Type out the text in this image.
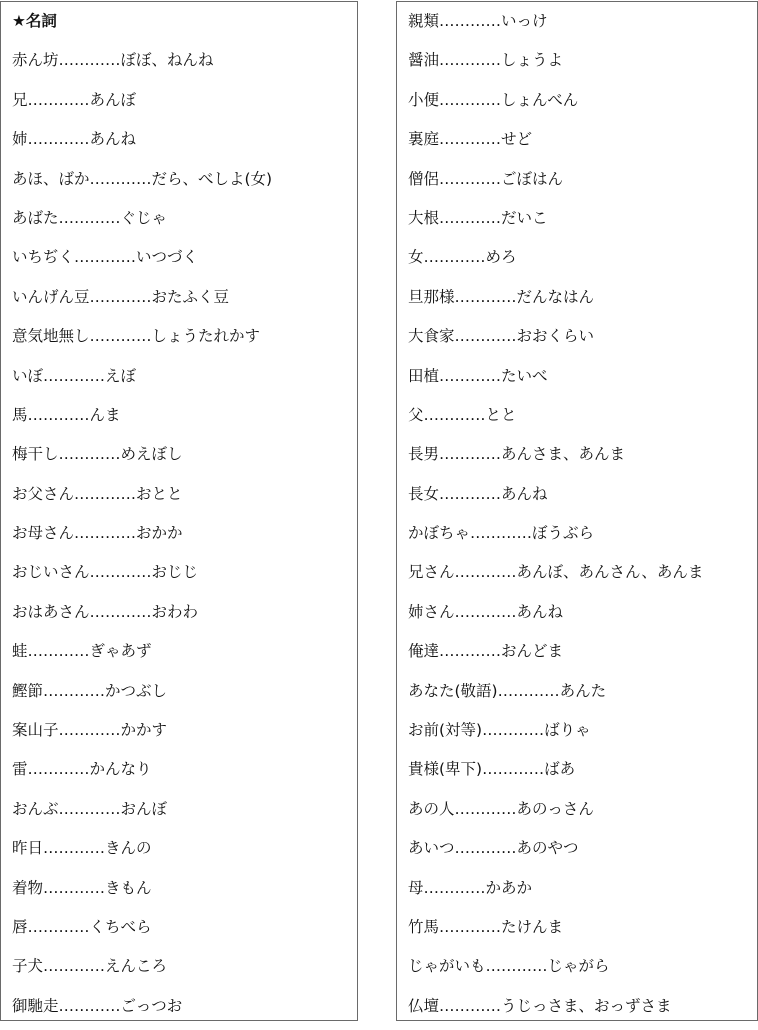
★名詞
赤ん坊…………ぼぼ、ねんね
兄…………あんぼ
姉…………あんね
あほ、ばか…………だら、べしよ(女)
あばた…………ぐじゃ
いちぢく…………いつづく
いんげん豆…………おたふく豆
意気地無し…………しょうたれかす
いぼ…………えぼ
馬…………んま
梅干し…………めえぼし
お父さん…………おとと
お母さん…………おかか
おじいさん…………おじじ
おはあさん…………おわわ
蛙…………ぎゃあず
鰹節…………かつぶし
案山子…………かかす
雷…………かんなり
おんぶ…………おんぼ
昨日…………きんの
着物…………きもん
唇…………くちべら
子犬…………えんころ
御馳走…………ごっつお
親類…………いっけ
醤油…………しょうよ
小便…………しょんべん
裏庭…………せど
僧侶…………ごぼはん
大根…………だいこ
女…………めろ
旦那様…………だんなはん
大食家…………おおくらい
田植…………たいべ
父…………とと
長男…………あんさま、あんま
長女…………あんね
かぼちゃ…………ぼうぶら
兄さん…………あんぼ、あんさん、あんま
姉さん…………あんね
俺達…………おんどま
あなた(敬語)…………あんた
お前(対等)…………ばりゃ
貴様(卑下)…………ばあ
あの人…………あのっさん
あいつ…………あのやつ
母…………かあか
竹馬…………たけんま
じゃがいも…………じゃがら
仏壇…………うじっさま、おっずさま
